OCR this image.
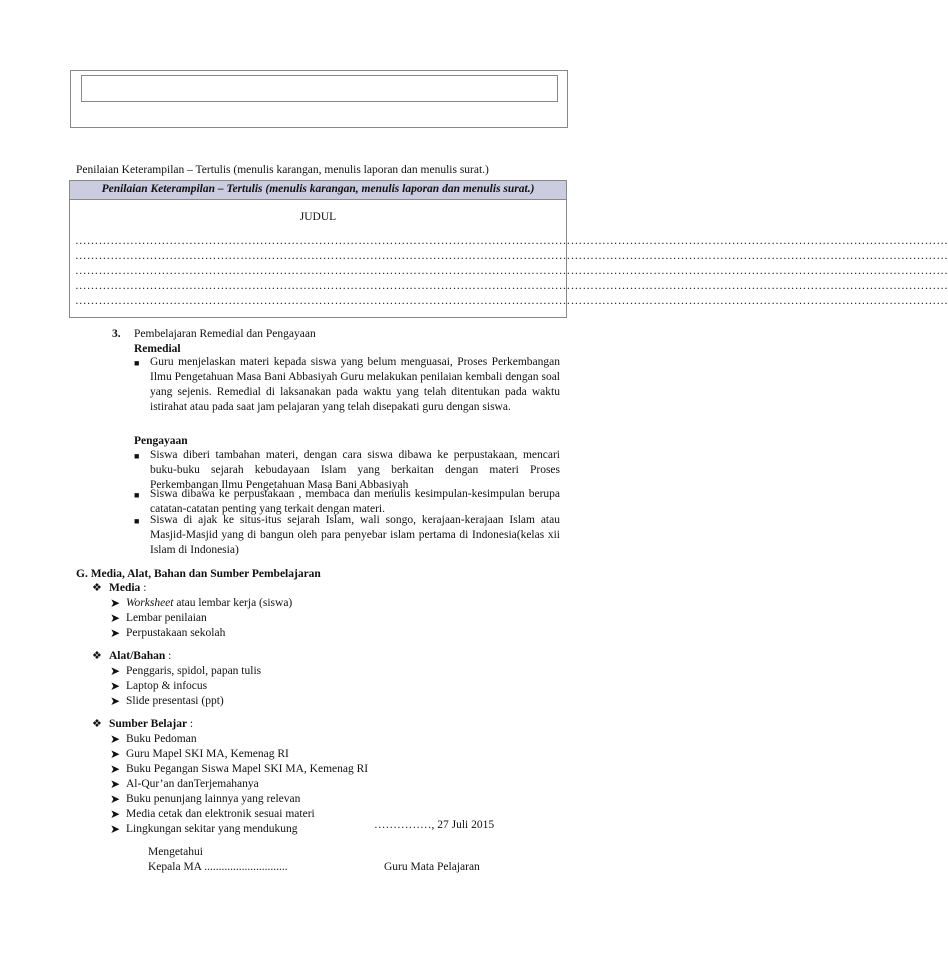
Penilaian Keterampilan – Tertulis (menulis karangan, menulis laporan dan menulis surat.)
Penilaian Keterampilan – Tertulis (menulis karangan, menulis laporan dan menulis surat.)
JUDUL
……………………………………………………………………………………………………………………………………………………………………………………………………
……………………………………………………………………………………………………………………………………………………………………………………………………
……………………………………………………………………………………………………………………………………………………………………………………………………
……………………………………………………………………………………………………………………………………………………………………………………………………
……………………………………………………………………………………………………………………………………………………………………………………………………
3. Pembelajaran Remedial dan Pengayaan
Remedial
■ Guru menjelaskan materi kepada siswa yang belum menguasai, Proses Perkembangan Ilmu Pengetahuan Masa Bani Abbasiyah Guru melakukan penilaian kembali dengan soal yang sejenis. Remedial di laksanakan pada waktu yang telah ditentukan pada waktu istirahat atau pada saat jam pelajaran yang telah disepakati guru dengan siswa.
Pengayaan
■ Siswa diberi tambahan materi, dengan cara siswa dibawa ke perpustakaan, mencari buku-buku sejarah kebudayaan Islam yang berkaitan dengan materi Proses Perkembangan Ilmu Pengetahuan Masa Bani Abbasiyah
■ Siswa dibawa ke perpustakaan , membaca dan menulis kesimpulan-kesimpulan berupa catatan-catatan penting yang terkait dengan materi.
■ Siswa di ajak ke situs-itus sejarah Islam, wali songo, kerajaan-kerajaan Islam atau Masjid-Masjid yang di bangun oleh para penyebar islam pertama di Indonesia(kelas xii Islam di Indonesia)
G. Media, Alat, Bahan dan Sumber Pembelajaran
❖ Media :
➤ Worksheet atau lembar kerja (siswa)
➤ Lembar penilaian
➤ Perpustakaan sekolah
❖ Alat/Bahan :
➤ Penggaris, spidol, papan tulis
➤ Laptop & infocus
➤ Slide presentasi (ppt)
❖ Sumber Belajar :
➤ Buku Pedoman
➤ Guru Mapel SKI MA, Kemenag RI
➤ Buku Pegangan Siswa Mapel SKI MA, Kemenag RI
➤ Al-Qur’an danTerjemahanya
➤ Buku penunjang lainnya yang relevan
➤ Media cetak dan elektronik sesuai materi
➤ Lingkungan sekitar yang mendukung	……………, 27 Juli 2015
Mengetahui
Kepala MA .............................	Guru Mata Pelajaran
